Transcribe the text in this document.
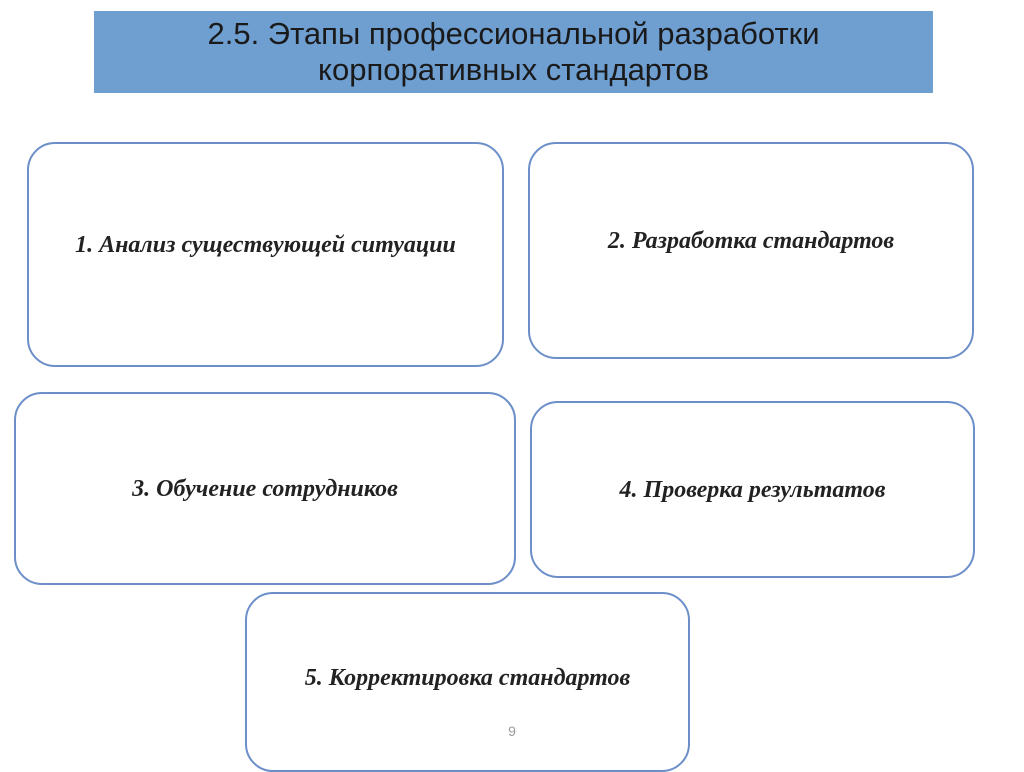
2.5. Этапы профессиональной разработки
корпоративных стандартов
1. Анализ существующей ситуации	2. Разработка стандартов
3. Обучение сотрудников	4. Проверка результатов
5. Корректировка стандартов
9
